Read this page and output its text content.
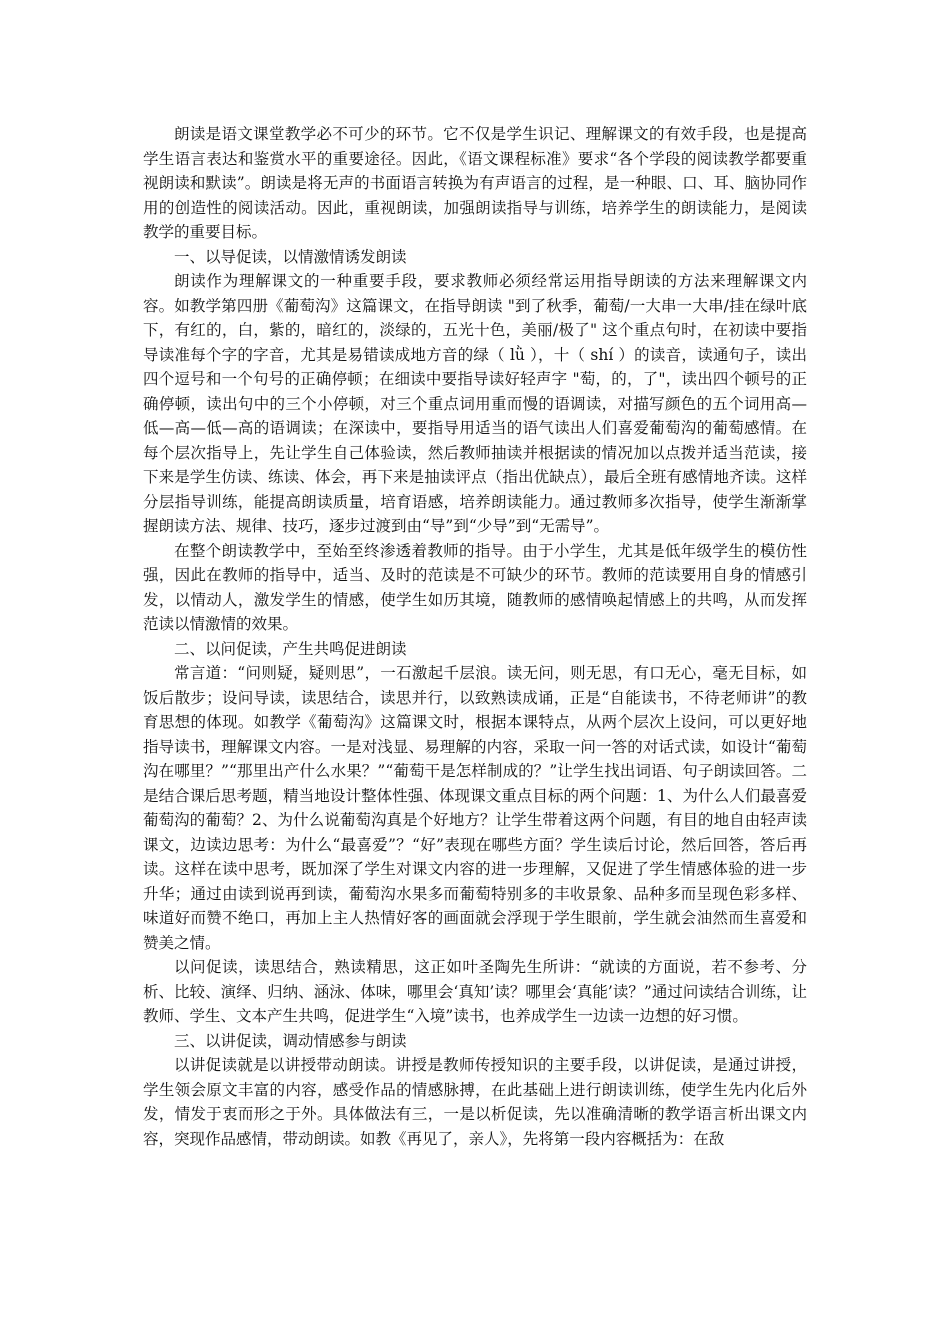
朗读是语文课堂教学必不可少的环节。它不仅是学生识记、理解课文的有效手段，也是提高学生语言表达和鉴赏水平的重要途径。因此，《语文课程标准》要求“各个学段的阅读教学都要重视朗读和默读”。朗读是将无声的书面语言转换为有声语言的过程，是一种眼、口、耳、脑协同作用的创造性的阅读活动。因此，重视朗读，加强朗读指导与训练，培养学生的朗读能力，是阅读教学的重要目标。

一、以导促读，以情激情诱发朗读

朗读作为理解课文的一种重要手段，要求教师必须经常运用指导朗读的方法来理解课文内容。如教学第四册《葡萄沟》这篇课文，在指导朗读 "到了秋季，葡萄/一大串一大串/挂在绿叶底下，有红的，白，紫的，暗红的，淡绿的，五光十色，美丽/极了" 这个重点句时，在初读中要指导读准每个字的字音，尤其是易错读成地方音的绿（ lǜ ），十（ shí ）的读音，读通句子，读出四个逗号和一个句号的正确停顿；在细读中要指导读好轻声字 "萄，的，了"，读出四个顿号的正确停顿，读出句中的三个小停顿，对三个重点词用重而慢的语调读，对描写颜色的五个词用高—低—高—低—高的语调读；在深读中，要指导用适当的语气读出人们喜爱葡萄沟的葡萄感情。在每个层次指导上，先让学生自己体验读，然后教师抽读并根据读的情况加以点拨并适当范读，接下来是学生仿读、练读、体会，再下来是抽读评点（指出优缺点），最后全班有感情地齐读。这样分层指导训练，能提高朗读质量，培育语感，培养朗读能力。通过教师多次指导，使学生渐渐掌握朗读方法、规律、技巧，逐步过渡到由“导”到“少导”到“无需导”。

在整个朗读教学中，至始至终渗透着教师的指导。由于小学生，尤其是低年级学生的模仿性强，因此在教师的指导中，适当、及时的范读是不可缺少的环节。教师的范读要用自身的情感引发，以情动人，激发学生的情感，使学生如历其境，随教师的感情唤起情感上的共鸣，从而发挥范读以情激情的效果。

二、以问促读，产生共鸣促进朗读

常言道：“问则疑，疑则思”，一石激起千层浪。读无问，则无思，有口无心，毫无目标，如饭后散步；设问导读，读思结合，读思并行，以致熟读成诵，正是“自能读书，不待老师讲”的教育思想的体现。如教学《葡萄沟》这篇课文时，根据本课特点，从两个层次上设问，可以更好地指导读书，理解课文内容。一是对浅显、易理解的内容，采取一问一答的对话式读，如设计“葡萄沟在哪里？”“那里出产什么水果？”“葡萄干是怎样制成的？”让学生找出词语、句子朗读回答。二是结合课后思考题，精当地设计整体性强、体现课文重点目标的两个问题：1、为什么人们最喜爱葡萄沟的葡萄？2、为什么说葡萄沟真是个好地方？让学生带着这两个问题，有目的地自由轻声读课文，边读边思考：为什么“最喜爱”？“好”表现在哪些方面？学生读后讨论，然后回答，答后再读。这样在读中思考，既加深了学生对课文内容的进一步理解，又促进了学生情感体验的进一步升华；通过由读到说再到读，葡萄沟水果多而葡萄特别多的丰收景象、品种多而呈现色彩多样、味道好而赞不绝口，再加上主人热情好客的画面就会浮现于学生眼前，学生就会油然而生喜爱和赞美之情。

以问促读，读思结合，熟读精思，这正如叶圣陶先生所讲：“就读的方面说，若不参考、分析、比较、演绎、归纳、涵泳、体味，哪里会‘真知’读？哪里会‘真能’读？”通过问读结合训练，让教师、学生、文本产生共鸣，促进学生“入境”读书，也养成学生一边读一边想的好习惯。

三、以讲促读，调动情感参与朗读

以讲促读就是以讲授带动朗读。讲授是教师传授知识的主要手段，以讲促读，是通过讲授，学生领会原文丰富的内容，感受作品的情感脉搏，在此基础上进行朗读训练，使学生先内化后外发，情发于衷而形之于外。具体做法有三，一是以析促读，先以准确清晰的教学语言析出课文内容，突现作品感情，带动朗读。如教《再见了，亲人》，先将第一段内容概括为：在敌
